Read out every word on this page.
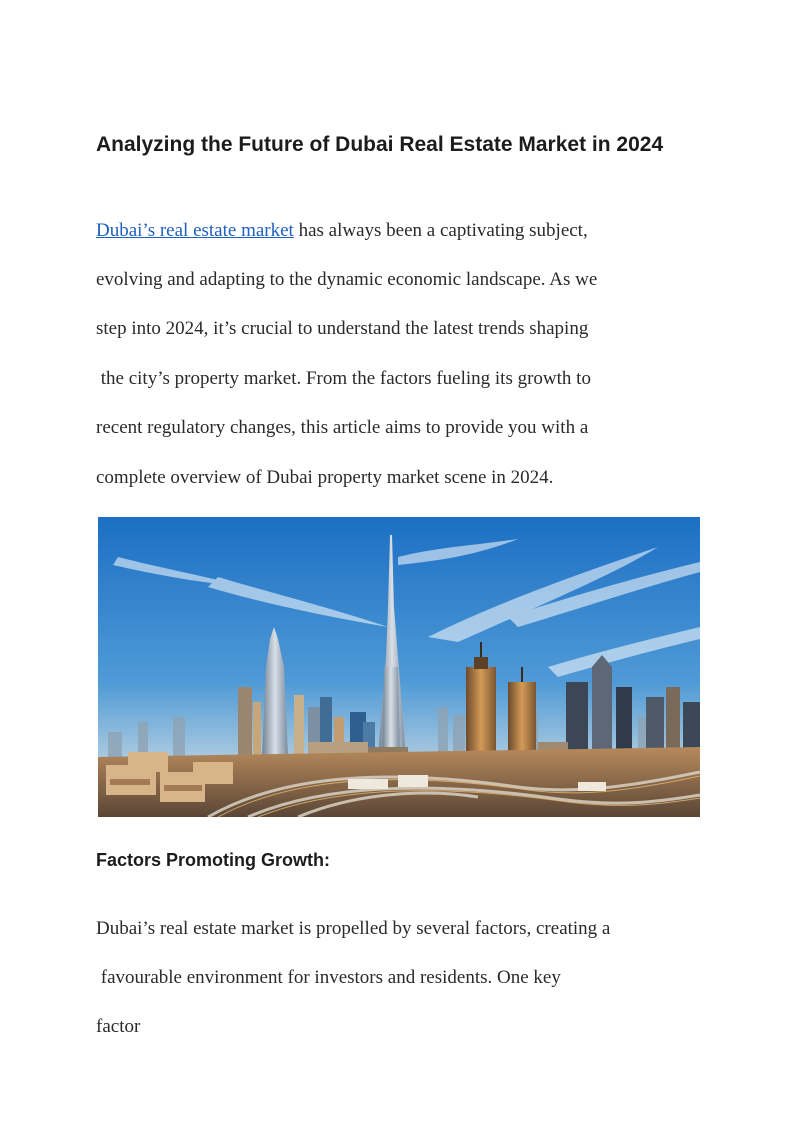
Analyzing the Future of Dubai Real Estate Market in 2024
Dubai’s real estate market has always been a captivating subject,
evolving and adapting to the dynamic economic landscape. As we
step into 2024, it’s crucial to understand the latest trends shaping
the city’s property market. From the factors fueling its growth to
recent regulatory changes, this article aims to provide you with a
complete overview of Dubai property market scene in 2024.
Factors Promoting Growth:
Dubai’s real estate market is propelled by several factors, creating a
favourable environment for investors and residents. One key
factor
